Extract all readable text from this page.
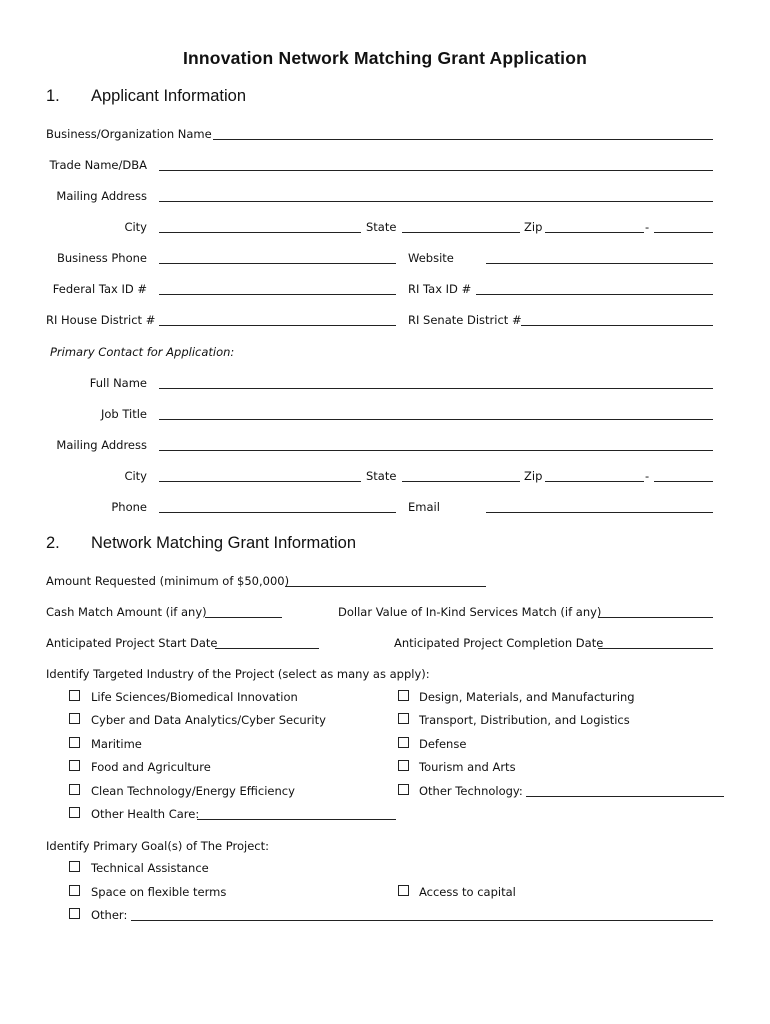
Innovation Network Matching Grant Application
1. Applicant Information
Business/Organization Name
Trade Name/DBA
Mailing Address
City	State	Zip	-
Business Phone	Website
Federal Tax ID #	RI Tax ID #
RI House District #	RI Senate District #
Primary Contact for Application:
Full Name
Job Title
Mailing Address
City	State	Zip	-
Phone	Email
2. Network Matching Grant Information
Amount Requested (minimum of $50,000)
Cash Match Amount (if any)	Dollar Value of In-Kind Services Match (if any)
Anticipated Project Start Date	Anticipated Project Completion Date
Identify Targeted Industry of the Project (select as many as apply):
Life Sciences/Biomedical Innovation	Design, Materials, and Manufacturing
Cyber and Data Analytics/Cyber Security	Transport, Distribution, and Logistics
Maritime	Defense
Food and Agriculture	Tourism and Arts
Clean Technology/Energy Efficiency	Other Technology:
Other Health Care:
Identify Primary Goal(s) of The Project:
Technical Assistance
Space on flexible terms	Access to capital
Other:
